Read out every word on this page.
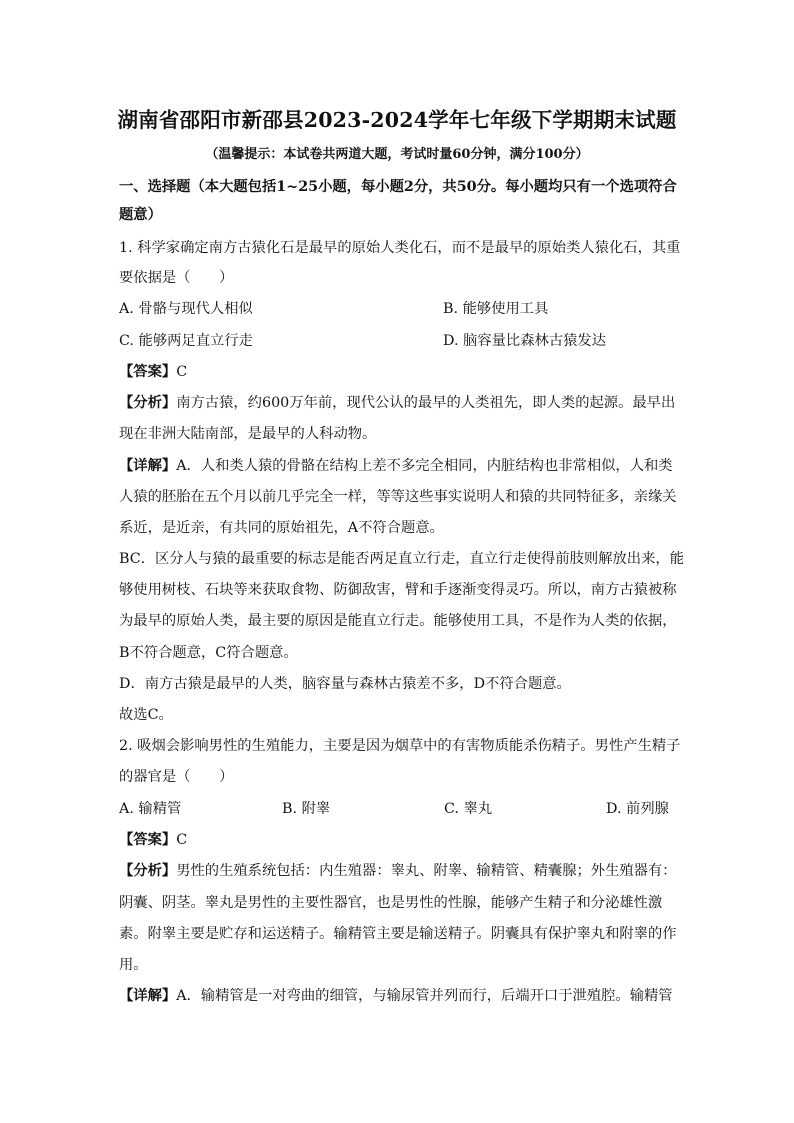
湖南省邵阳市新邵县2023-2024学年七年级下学期期末试题
（温馨提示：本试卷共两道大题，考试时量60分钟，满分100分）
一、选择题（本大题包括1~25小题，每小题2分，共50分。每小题均只有一个选项符合
题意）
1. 科学家确定南方古猿化石是最早的原始人类化石，而不是最早的原始类人猿化石，其重
要依据是（　　）
A. 骨骼与现代人相似	B. 能够使用工具
C. 能够两足直立行走	D. 脑容量比森林古猿发达
【答案】C
【分析】南方古猿，约600万年前，现代公认的最早的人类祖先，即人类的起源。最早出
现在非洲大陆南部，是最早的人科动物。
【详解】A．人和类人猿的骨骼在结构上差不多完全相同，内脏结构也非常相似，人和类
人猿的胚胎在五个月以前几乎完全一样，等等这些事实说明人和猿的共同特征多，亲缘关
系近，是近亲，有共同的原始祖先，A不符合题意。
BC．区分人与猿的最重要的标志是能否两足直立行走，直立行走使得前肢则解放出来，能
够使用树枝、石块等来获取食物、防御敌害，臂和手逐渐变得灵巧。所以，南方古猿被称
为最早的原始人类，最主要的原因是能直立行走。能够使用工具，不是作为人类的依据，
B不符合题意，C符合题意。
D．南方古猿是最早的人类，脑容量与森林古猿差不多，D不符合题意。
故选C。
2. 吸烟会影响男性的生殖能力，主要是因为烟草中的有害物质能杀伤精子。男性产生精子
的器官是（　　）
A. 输精管	B. 附睾	C. 睾丸	D. 前列腺
【答案】C
【分析】男性的生殖系统包括：内生殖器：睾丸、附睾、输精管、精囊腺；外生殖器有：
阴囊、阴茎。睾丸是男性的主要性器官，也是男性的性腺，能够产生精子和分泌雄性激
素。附睾主要是贮存和运送精子。输精管主要是输送精子。阴囊具有保护睾丸和附睾的作
用。
【详解】A．输精管是一对弯曲的细管，与输尿管并列而行，后端开口于泄殖腔。输精管
